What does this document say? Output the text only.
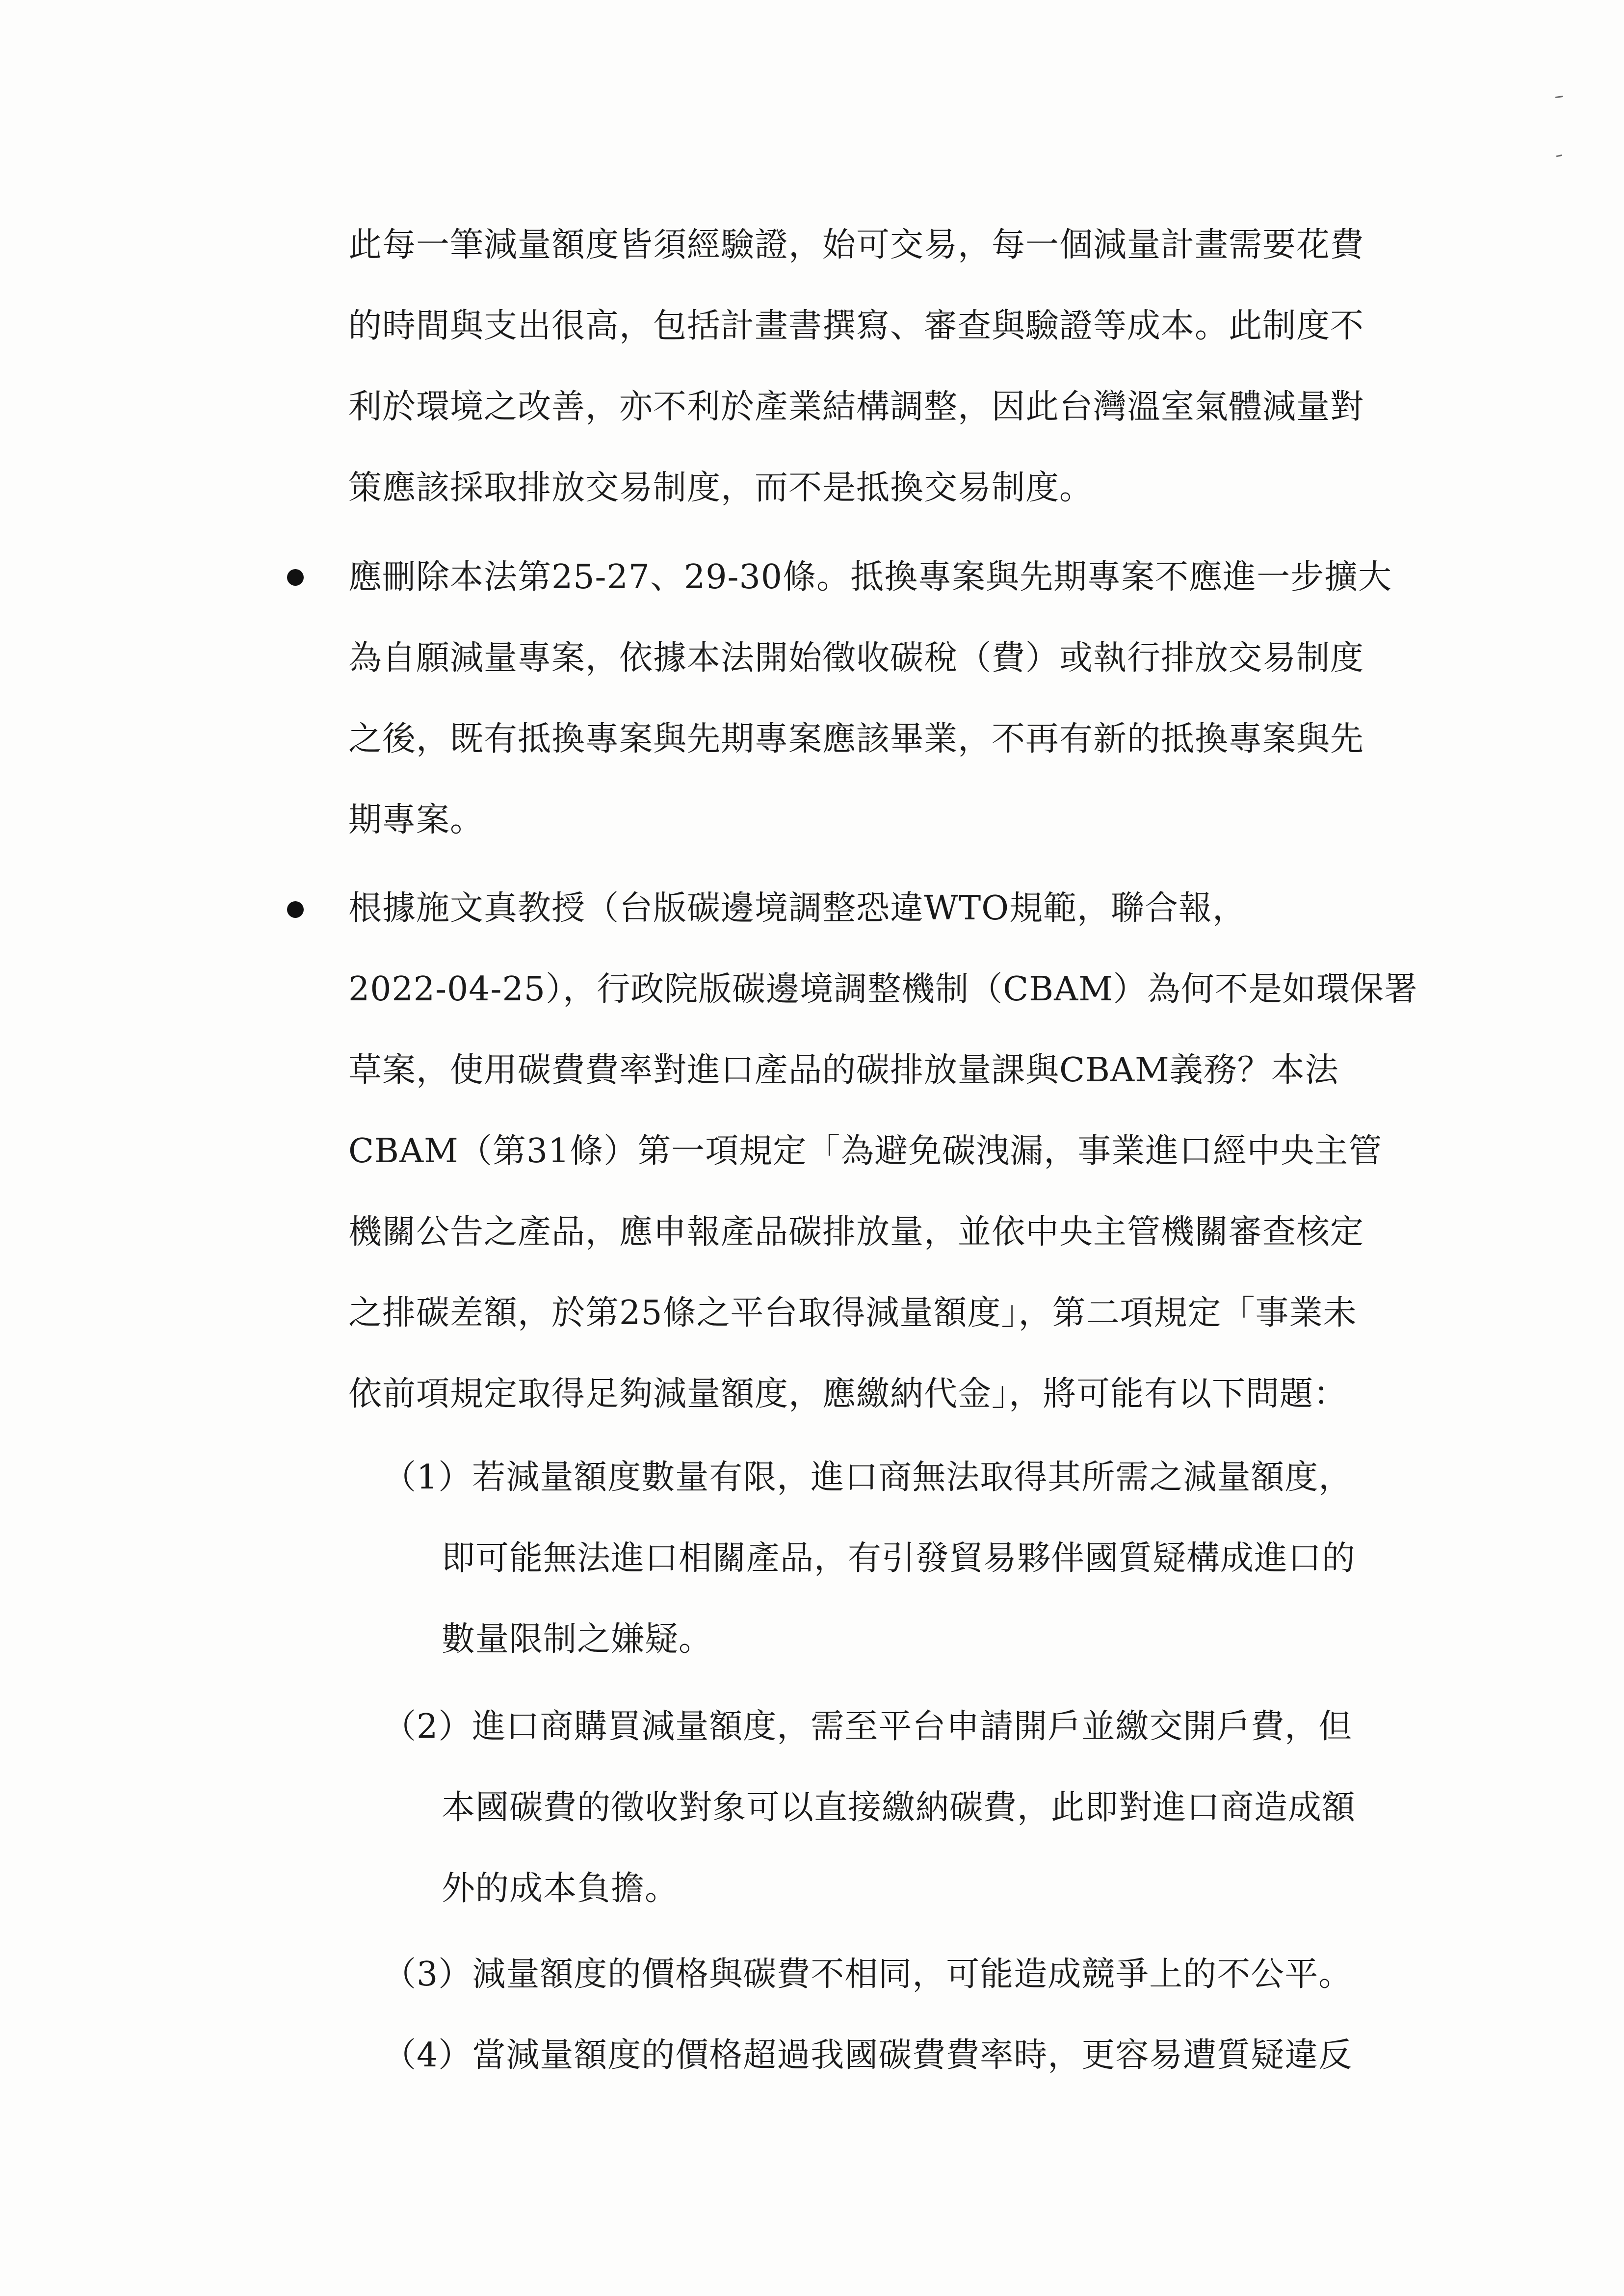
此每一筆減量額度皆須經驗證，始可交易，每一個減量計畫需要花費
的時間與支出很高，包括計畫書撰寫、審查與驗證等成本。此制度不
利於環境之改善，亦不利於產業結構調整，因此台灣溫室氣體減量對
策應該採取排放交易制度，而不是抵換交易制度。
應刪除本法第25-27、29-30條。抵換專案與先期專案不應進一步擴大
為自願減量專案，依據本法開始徵收碳稅（費）或執行排放交易制度
之後，既有抵換專案與先期專案應該畢業，不再有新的抵換專案與先
期專案。
根據施文真教授（台版碳邊境調整恐違WTO規範，聯合報，
2022-04-25），行政院版碳邊境調整機制（CBAM）為何不是如環保署
草案，使用碳費費率對進口產品的碳排放量課與CBAM義務？本法
CBAM（第31條）第一項規定「為避免碳洩漏，事業進口經中央主管
機關公告之產品，應申報產品碳排放量，並依中央主管機關審查核定
之排碳差額，於第25條之平台取得減量額度」，第二項規定「事業未
依前項規定取得足夠減量額度，應繳納代金」，將可能有以下問題：
（1）若減量額度數量有限，進口商無法取得其所需之減量額度，
即可能無法進口相關產品，有引發貿易夥伴國質疑構成進口的
數量限制之嫌疑。
（2）進口商購買減量額度，需至平台申請開戶並繳交開戶費，但
本國碳費的徵收對象可以直接繳納碳費，此即對進口商造成額
外的成本負擔。
（3）減量額度的價格與碳費不相同，可能造成競爭上的不公平。
（4）當減量額度的價格超過我國碳費費率時，更容易遭質疑違反
